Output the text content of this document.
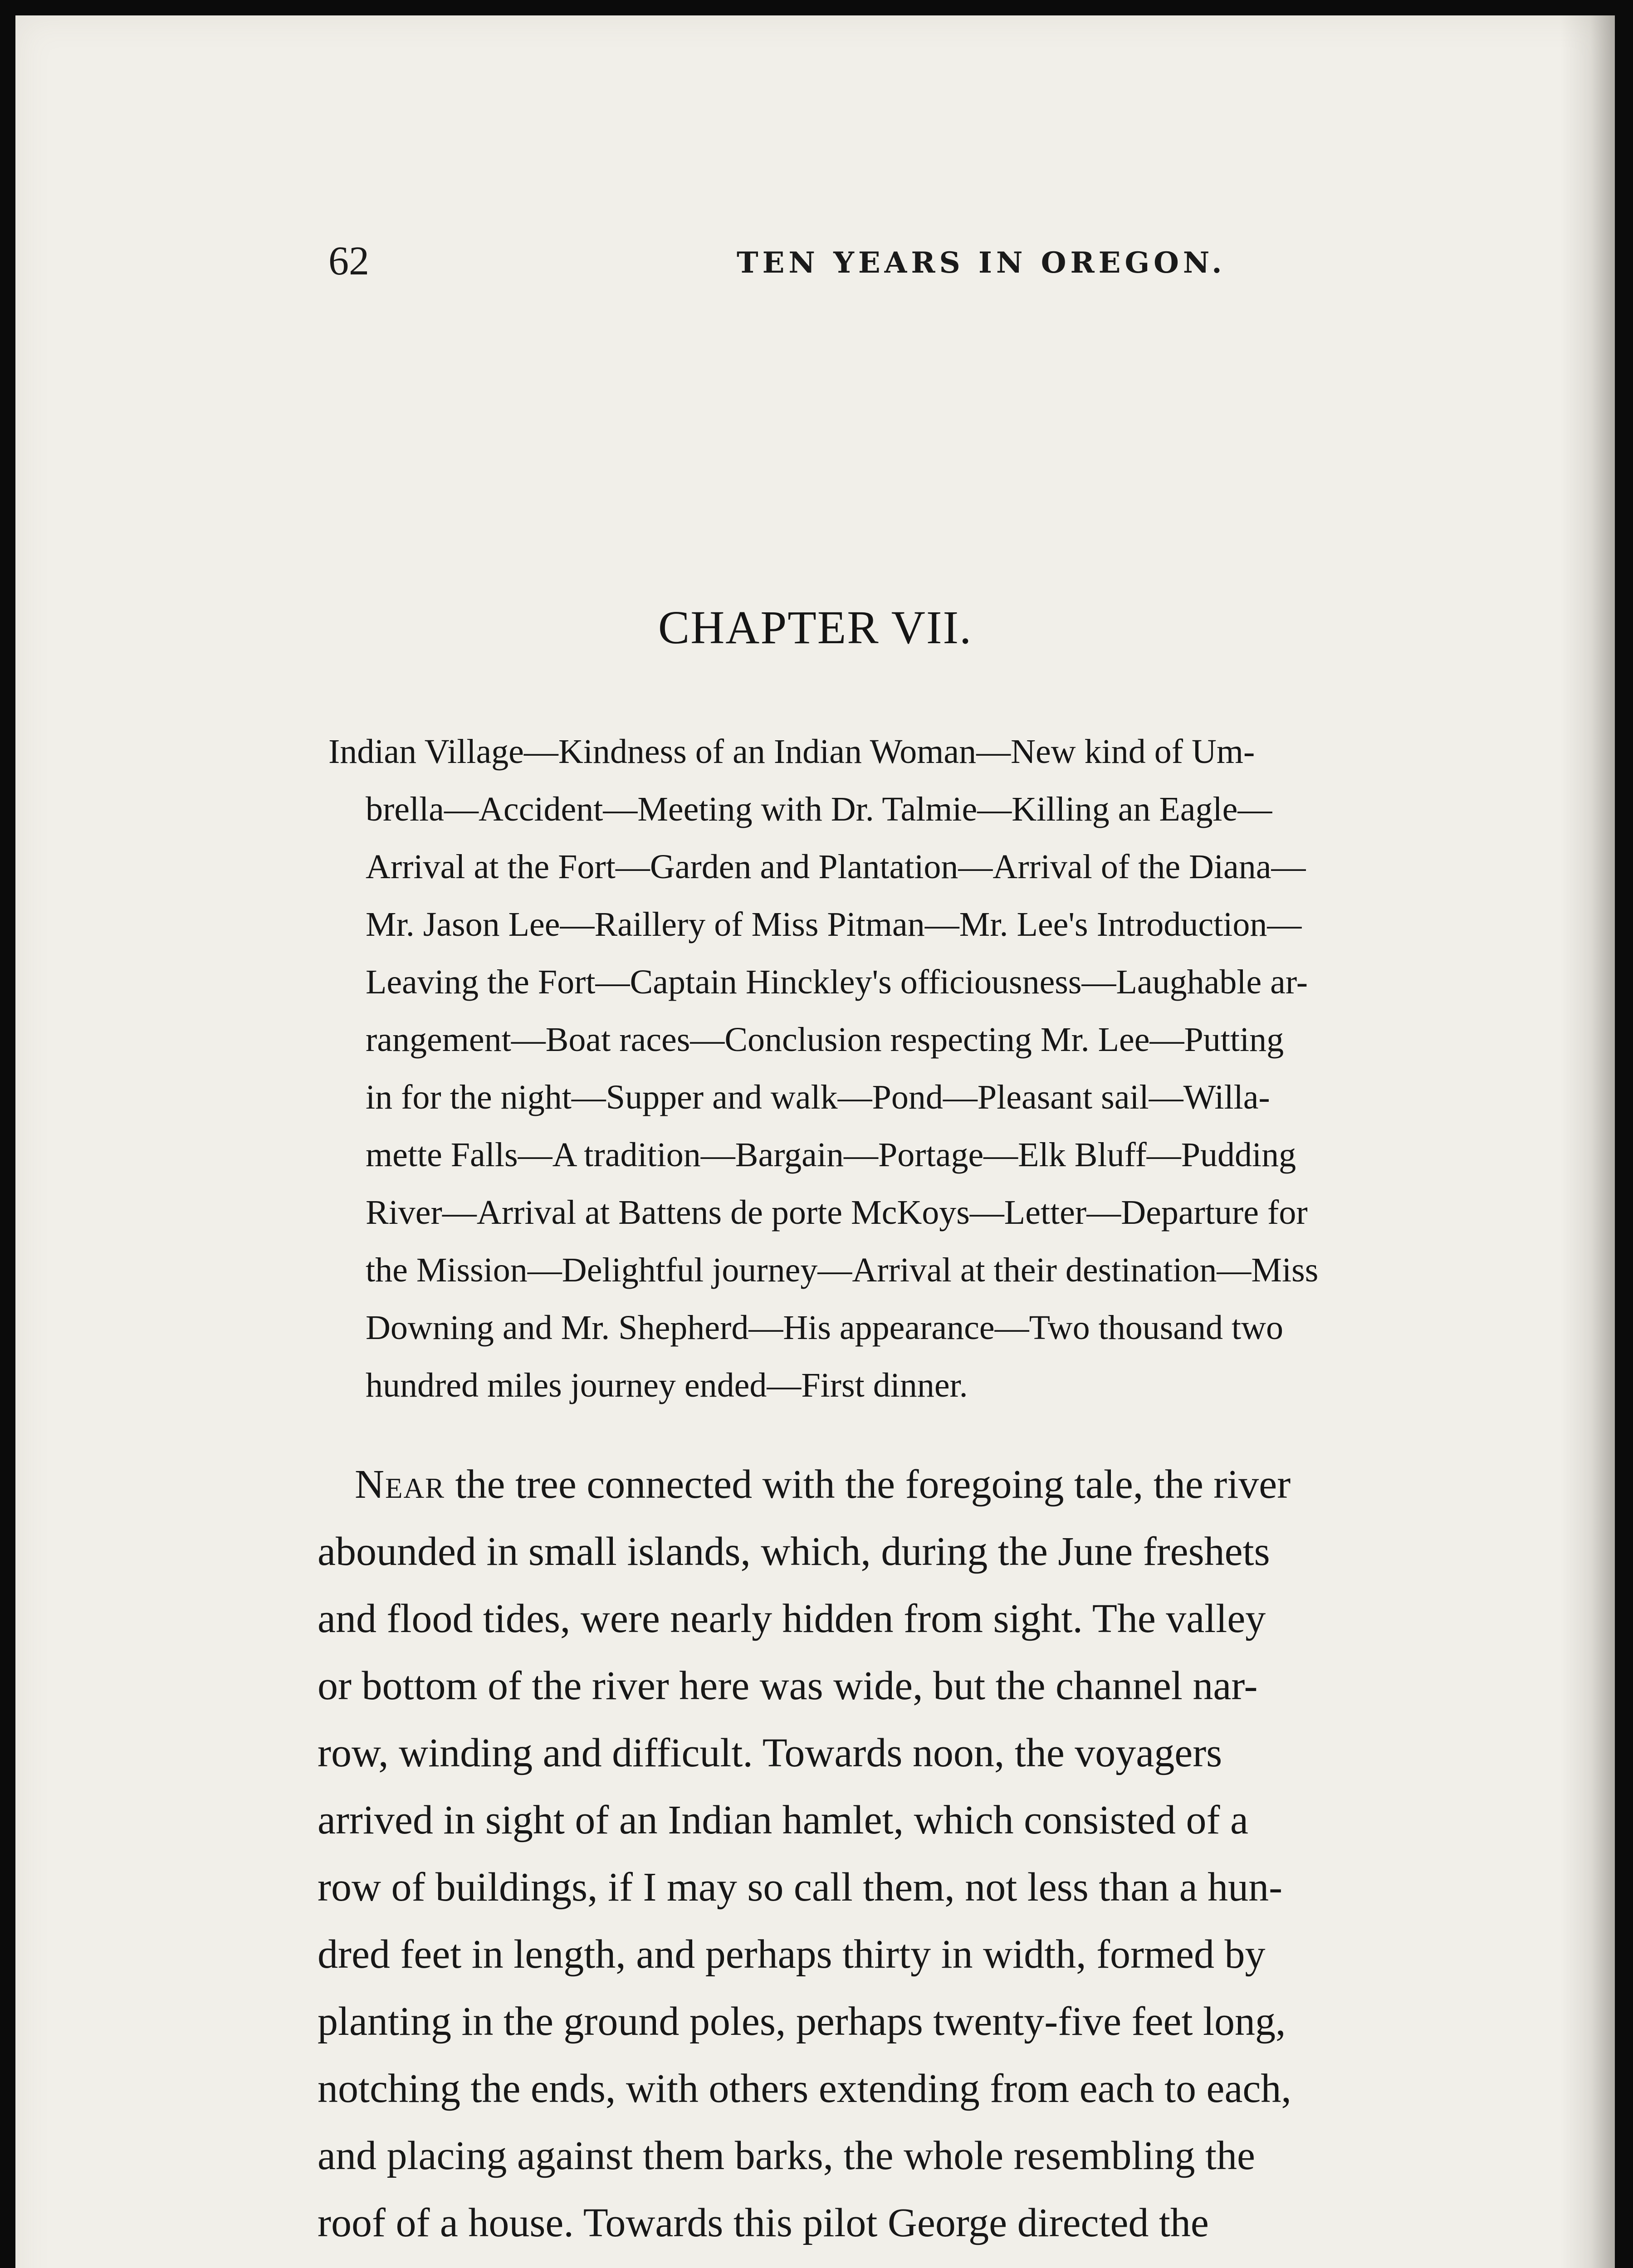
62	TEN YEARS IN OREGON.
CHAPTER VII.
Indian Village—Kindness of an Indian Woman—New kind of Um-
brella—Accident—Meeting with Dr. Talmie—Killing an Eagle—
Arrival at the Fort—Garden and Plantation—Arrival of the Diana—
Mr. Jason Lee—Raillery of Miss Pitman—Mr. Lee's Introduction—
Leaving the Fort—Captain Hinckley's officiousness—Laughable ar-
rangement—Boat races—Conclusion respecting Mr. Lee—Putting
in for the night—Supper and walk—Pond—Pleasant sail—Willa-
mette Falls—A tradition—Bargain—Portage—Elk Bluff—Pudding
River—Arrival at Battens de porte McKoys—Letter—Departure for
the Mission—Delightful journey—Arrival at their destination—Miss
Downing and Mr. Shepherd—His appearance—Two thousand two
hundred miles journey ended—First dinner.
Near the tree connected with the foregoing tale, the river
abounded in small islands, which, during the June freshets
and flood tides, were nearly hidden from sight. The valley
or bottom of the river here was wide, but the channel nar-
row, winding and difficult. Towards noon, the voyagers
arrived in sight of an Indian hamlet, which consisted of a
row of buildings, if I may so call them, not less than a hun-
dred feet in length, and perhaps thirty in width, formed by
planting in the ground poles, perhaps twenty-five feet long,
notching the ends, with others extending from each to each,
and placing against them barks, the whole resembling the
roof of a house. Towards this pilot George directed the
